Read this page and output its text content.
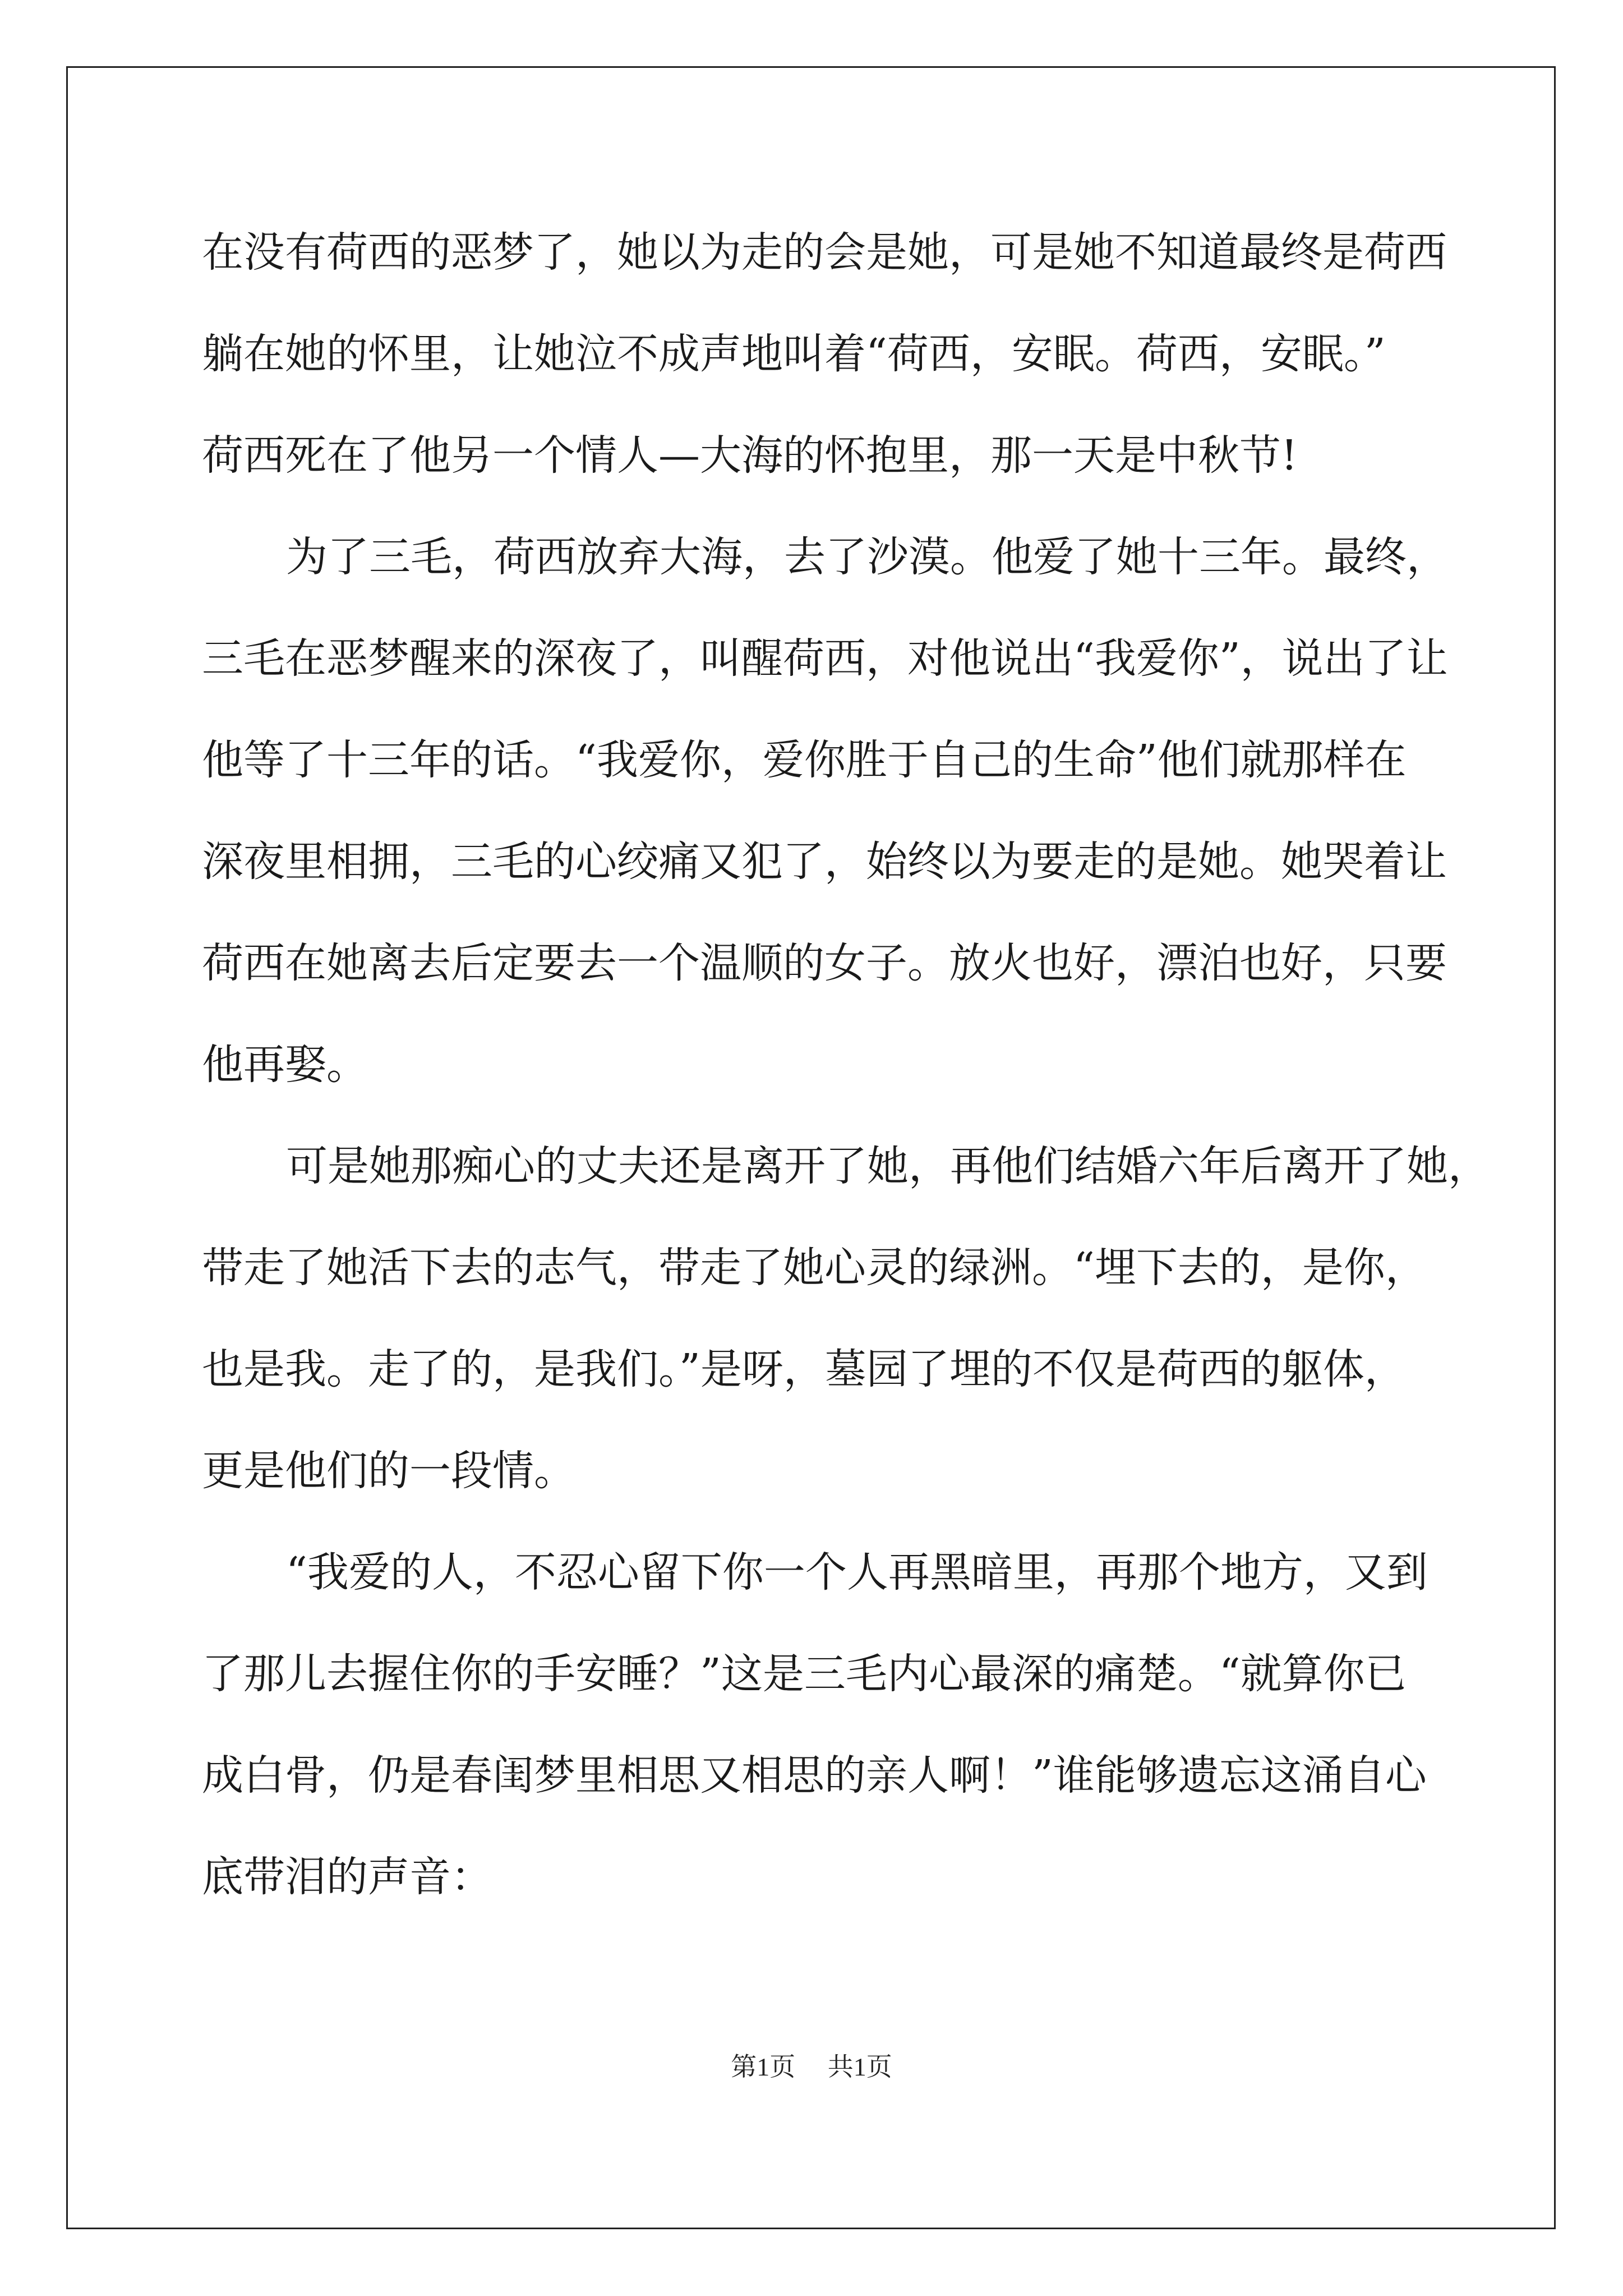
在没有荷西的恶梦了，她以为走的会是她，可是她不知道最终是荷西
躺在她的怀里，让她泣不成声地叫着“荷西，安眠。荷西，安眠。”
荷西死在了他另一个情人—大海的怀抱里，那一天是中秋节!
为了三毛，荷西放弃大海，去了沙漠。他爱了她十三年。最终，
三毛在恶梦醒来的深夜了，叫醒荷西，对他说出“我爱你”，说出了让
他等了十三年的话。“我爱你，爱你胜于自己的生命”他们就那样在
深夜里相拥，三毛的心绞痛又犯了，始终以为要走的是她。她哭着让
荷西在她离去后定要去一个温顺的女子。放火也好，漂泊也好，只要
他再娶。
可是她那痴心的丈夫还是离开了她，再他们结婚六年后离开了她，
带走了她活下去的志气，带走了她心灵的绿洲。“埋下去的，是你，
也是我。走了的，是我们。”是呀，墓园了埋的不仅是荷西的躯体，
更是他们的一段情。
“我爱的人，不忍心留下你一个人再黑暗里，再那个地方，又到
了那儿去握住你的手安睡？”这是三毛内心最深的痛楚。“就算你已
成白骨，仍是春闺梦里相思又相思的亲人啊！”谁能够遗忘这涌自心
底带泪的声音：
第1页 共1页
